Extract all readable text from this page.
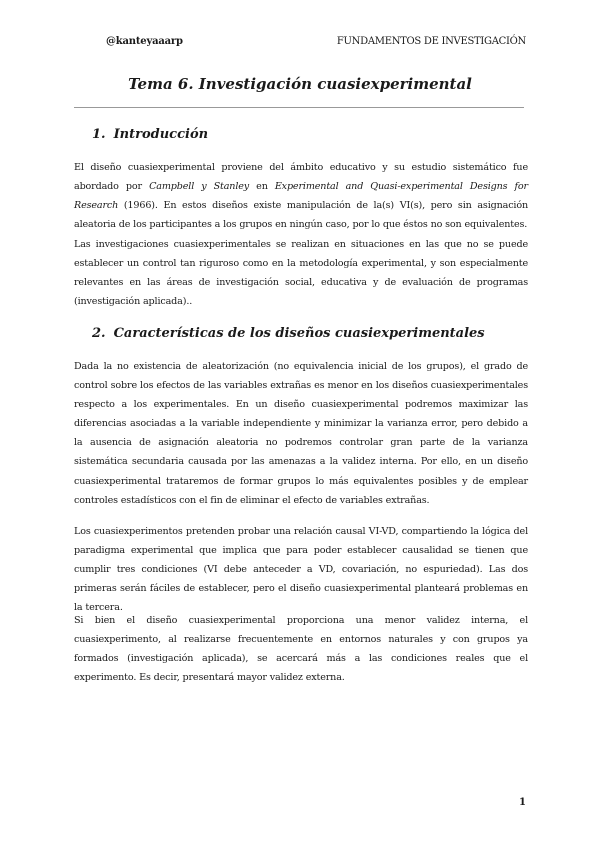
@kanteyaaarp	FUNDAMENTOS DE INVESTIGACIÓN
Tema 6. Investigación cuasiexperimental
1. Introducción
El diseño cuasiexperimental proviene del ámbito educativo y su estudio sistemático fue abordado por Campbell y Stanley en Experimental and Quasi-experimental Designs for Research (1966). En estos diseños existe manipulación de la(s) VI(s), pero sin asignación aleatoria de los participantes a los grupos en ningún caso, por lo que éstos no son equivalentes.
Las investigaciones cuasiexperimentales se realizan en situaciones en las que no se puede establecer un control tan riguroso como en la metodología experimental, y son especialmente relevantes en las áreas de investigación social, educativa y de evaluación de programas (investigación aplicada)..
2. Características de los diseños cuasiexperimentales
Dada la no existencia de aleatorización (no equivalencia inicial de los grupos), el grado de control sobre los efectos de las variables extrañas es menor en los diseños cuasiexperimentales respecto a los experimentales. En un diseño cuasiexperimental podremos maximizar las diferencias asociadas a la variable independiente y minimizar la varianza error, pero debido a la ausencia de asignación aleatoria no podremos controlar gran parte de la varianza sistemática secundaria causada por las amenazas a la validez interna. Por ello, en un diseño cuasiexperimental trataremos de formar grupos lo más equivalentes posibles y de emplear controles estadísticos con el fin de eliminar el efecto de variables extrañas.
Los cuasiexperimentos pretenden probar una relación causal VI-VD, compartiendo la lógica del paradigma experimental que implica que para poder establecer causalidad se tienen que cumplir tres condiciones (VI debe anteceder a VD, covariación, no espuriedad). Las dos primeras serán fáciles de establecer, pero el diseño cuasiexperimental planteará problemas en la tercera.
Si bien el diseño cuasiexperimental proporciona una menor validez interna, el cuasiexperimento, al realizarse frecuentemente en entornos naturales y con grupos ya formados (investigación aplicada), se acercará más a las condiciones reales que el experimento. Es decir, presentará mayor validez externa.
1
